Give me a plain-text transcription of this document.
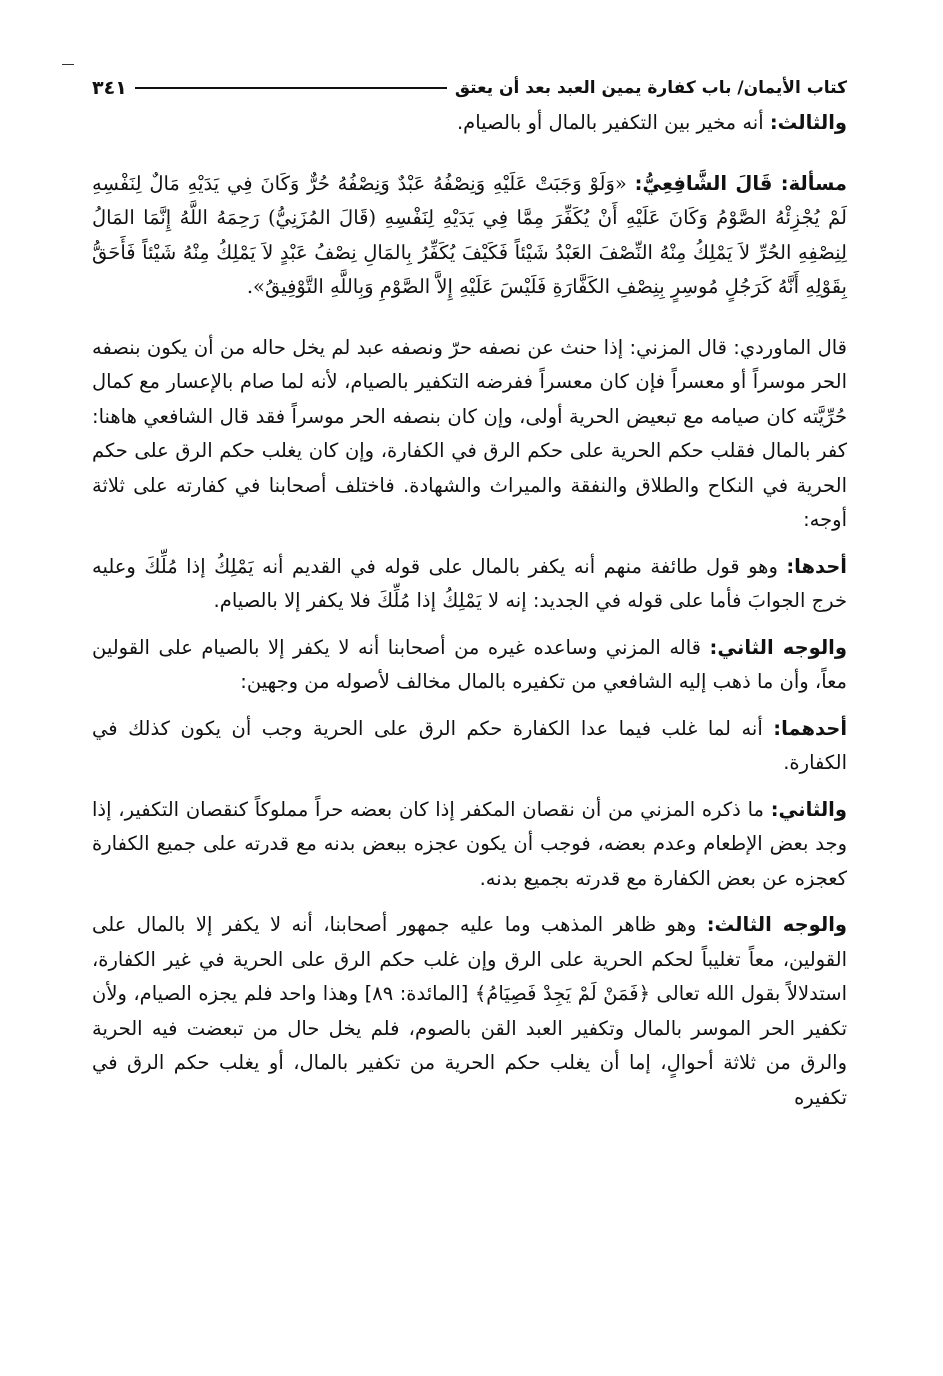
كتاب الأيمان/ باب كفارة يمين العبد بعد أن يعتق
٣٤١

والثالث: أنه مخير بين التكفير بالمال أو بالصيام.

مسألة: قَالَ الشَّافِعِيُّ: «وَلَوْ وَجَبَتْ عَلَيْهِ وَنِصْفُهُ عَبْدٌ وَنِصْفُهُ حُرٌّ وَكَانَ فِي يَدَيْهِ مَالٌ لِنَفْسِهِ لَمْ يُجْزِئْهُ الصَّوْمُ وَكَانَ عَلَيْهِ أَنْ يُكَفِّرَ مِمَّا فِي يَدَيْهِ لِنَفْسِهِ (قَالَ المُزَنِيُّ) رَحِمَهُ اللَّهُ إِنَّمَا المَالُ لِنِصْفِهِ الحُرِّ لاَ يَمْلِكُ مِنْهُ النِّصْفَ العَبْدُ شَيْئاً فَكَيْفَ يُكَفِّرُ بِالمَالِ نِصْفُ عَبْدٍ لاَ يَمْلِكُ مِنْهُ شَيْئاً فَأَحَقُّ بِقَوْلِهِ أَنَّهُ كَرَجُلٍ مُوسِرٍ بِنِصْفِ الكَفَّارَةِ فَلَيْسَ عَلَيْهِ إِلاَّ الصَّوْمِ وَبِاللَّهِ التَّوْفِيقُ».

قال الماوردي: قال المزني: إذا حنث عن نصفه حرّ ونصفه عبد لم يخل حاله من أن يكون بنصفه الحر موسراً أو معسراً فإن كان معسراً ففرضه التكفير بالصيام، لأنه لما صام بالإعسار مع كمال حُرِّيَّته كان صيامه مع تبعيض الحرية أولى، وإن كان بنصفه الحر موسراً فقد قال الشافعي هاهنا: كفر بالمال فقلب حكم الحرية على حكم الرق في الكفارة، وإن كان يغلب حكم الرق على حكم الحرية في النكاح والطلاق والنفقة والميراث والشهادة. فاختلف أصحابنا في كفارته على ثلاثة أوجه:

أحدها: وهو قول طائفة منهم أنه يكفر بالمال على قوله في القديم أنه يَمْلِكُ إذا مُلِّكَ وعليه خرج الجوابَ فأما على قوله في الجديد: إنه لا يَمْلِكُ إذا مُلِّكَ فلا يكفر إلا بالصيام.

والوجه الثاني: قاله المزني وساعده غيره من أصحابنا أنه لا يكفر إلا بالصيام على القولين معاً، وأن ما ذهب إليه الشافعي من تكفيره بالمال مخالف لأصوله من وجهين:

أحدهما: أنه لما غلب فيما عدا الكفارة حكم الرق على الحرية وجب أن يكون كذلك في الكفارة.

والثاني: ما ذكره المزني من أن نقصان المكفر إذا كان بعضه حراً مملوكاً كنقصان التكفير، إذا وجد بعض الإطعام وعدم بعضه، فوجب أن يكون عجزه ببعض بدنه مع قدرته على جميع الكفارة كعجزه عن بعض الكفارة مع قدرته بجميع بدنه.

والوجه الثالث: وهو ظاهر المذهب وما عليه جمهور أصحابنا، أنه لا يكفر إلا بالمال على القولين، معاً تغليباً لحكم الحرية على الرق وإن غلب حكم الرق على الحرية في غير الكفارة، استدلالاً بقول الله تعالى ﴿فَمَنْ لَمْ يَجِدْ فَصِيَامُ﴾ [المائدة: ٨٩] وهذا واحد فلم يجزه الصيام، ولأن تكفير الحر الموسر بالمال وتكفير العبد القن بالصوم، فلم يخل حال من تبعضت فيه الحرية والرق من ثلاثة أحوالٍ، إما أن يغلب حكم الحرية من تكفير بالمال، أو يغلب حكم الرق في تكفيره
